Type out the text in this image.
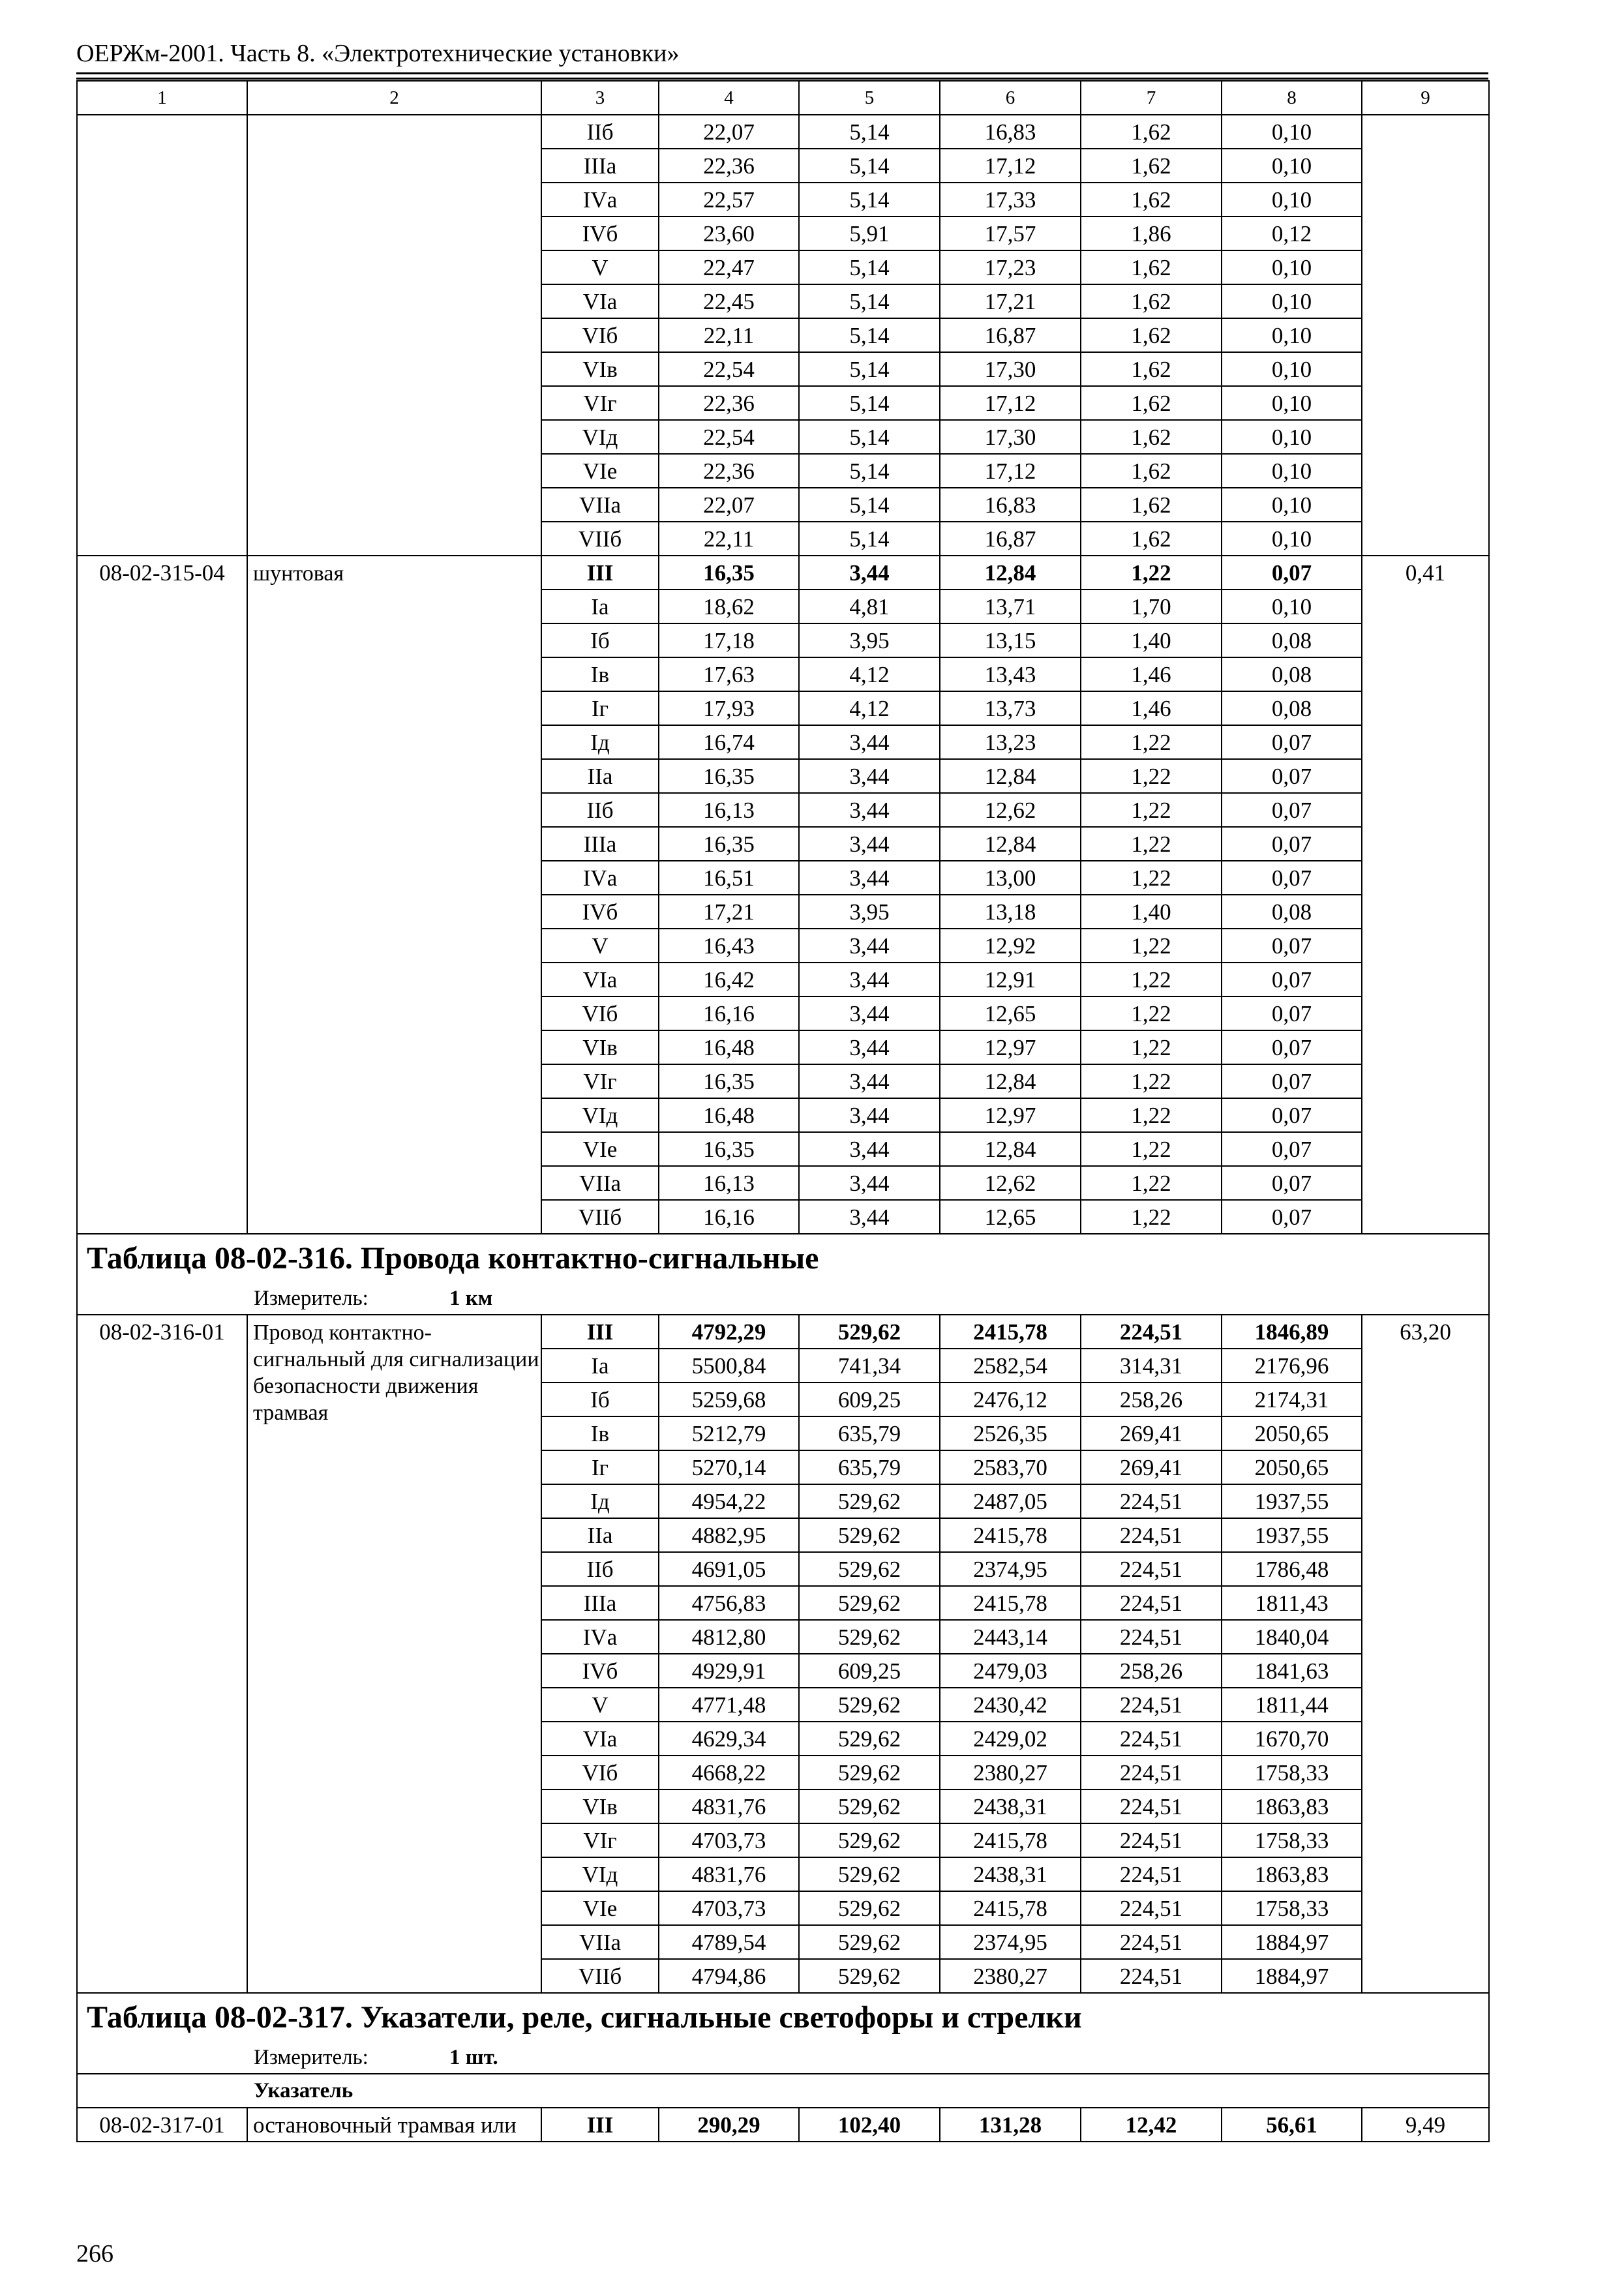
ОЕРЖм-2001. Часть 8. «Электротехнические установки»
1	2	3	4	5	6	7	8	9
		IIб	22,07	5,14	16,83	1,62	0,10	
		IIIа	22,36	5,14	17,12	1,62	0,10	
		IVа	22,57	5,14	17,33	1,62	0,10	
		IVб	23,60	5,91	17,57	1,86	0,12	
		V	22,47	5,14	17,23	1,62	0,10	
		VIа	22,45	5,14	17,21	1,62	0,10	
		VIб	22,11	5,14	16,87	1,62	0,10	
		VIв	22,54	5,14	17,30	1,62	0,10	
		VIг	22,36	5,14	17,12	1,62	0,10	
		VIд	22,54	5,14	17,30	1,62	0,10	
		VIе	22,36	5,14	17,12	1,62	0,10	
		VIIа	22,07	5,14	16,83	1,62	0,10	
		VIIб	22,11	5,14	16,87	1,62	0,10	
08-02-315-04	шунтовая	III	16,35	3,44	12,84	1,22	0,07	0,41
		Iа	18,62	4,81	13,71	1,70	0,10	
		Iб	17,18	3,95	13,15	1,40	0,08	
		Iв	17,63	4,12	13,43	1,46	0,08	
		Iг	17,93	4,12	13,73	1,46	0,08	
		Iд	16,74	3,44	13,23	1,22	0,07	
		IIа	16,35	3,44	12,84	1,22	0,07	
		IIб	16,13	3,44	12,62	1,22	0,07	
		IIIа	16,35	3,44	12,84	1,22	0,07	
		IVа	16,51	3,44	13,00	1,22	0,07	
		IVб	17,21	3,95	13,18	1,40	0,08	
		V	16,43	3,44	12,92	1,22	0,07	
		VIа	16,42	3,44	12,91	1,22	0,07	
		VIб	16,16	3,44	12,65	1,22	0,07	
		VIв	16,48	3,44	12,97	1,22	0,07	
		VIг	16,35	3,44	12,84	1,22	0,07	
		VIд	16,48	3,44	12,97	1,22	0,07	
		VIе	16,35	3,44	12,84	1,22	0,07	
		VIIа	16,13	3,44	12,62	1,22	0,07	
		VIIб	16,16	3,44	12,65	1,22	0,07	
Таблица 08-02-316. Провода контактно-сигнальные								
Измеритель: 1 км								
08-02-316-01	Провод контактно-сигнальный для сигнализации безопасности движения трамвая	III	4792,29	529,62	2415,78	224,51	1846,89	63,20
		Iа	5500,84	741,34	2582,54	314,31	2176,96	
		Iб	5259,68	609,25	2476,12	258,26	2174,31	
		Iв	5212,79	635,79	2526,35	269,41	2050,65	
		Iг	5270,14	635,79	2583,70	269,41	2050,65	
		Iд	4954,22	529,62	2487,05	224,51	1937,55	
		IIа	4882,95	529,62	2415,78	224,51	1937,55	
		IIб	4691,05	529,62	2374,95	224,51	1786,48	
		IIIа	4756,83	529,62	2415,78	224,51	1811,43	
		IVа	4812,80	529,62	2443,14	224,51	1840,04	
		IVб	4929,91	609,25	2479,03	258,26	1841,63	
		V	4771,48	529,62	2430,42	224,51	1811,44	
		VIа	4629,34	529,62	2429,02	224,51	1670,70	
		VIб	4668,22	529,62	2380,27	224,51	1758,33	
		VIв	4831,76	529,62	2438,31	224,51	1863,83	
		VIг	4703,73	529,62	2415,78	224,51	1758,33	
		VIд	4831,76	529,62	2438,31	224,51	1863,83	
		VIе	4703,73	529,62	2415,78	224,51	1758,33	
		VIIа	4789,54	529,62	2374,95	224,51	1884,97	
		VIIб	4794,86	529,62	2380,27	224,51	1884,97	
Таблица 08-02-317. Указатели, реле, сигнальные светофоры и стрелки								
Измеритель: 1 шт.								
Указатель								
08-02-317-01	остановочный трамвая или	III	290,29	102,40	131,28	12,42	56,61	9,49
266
